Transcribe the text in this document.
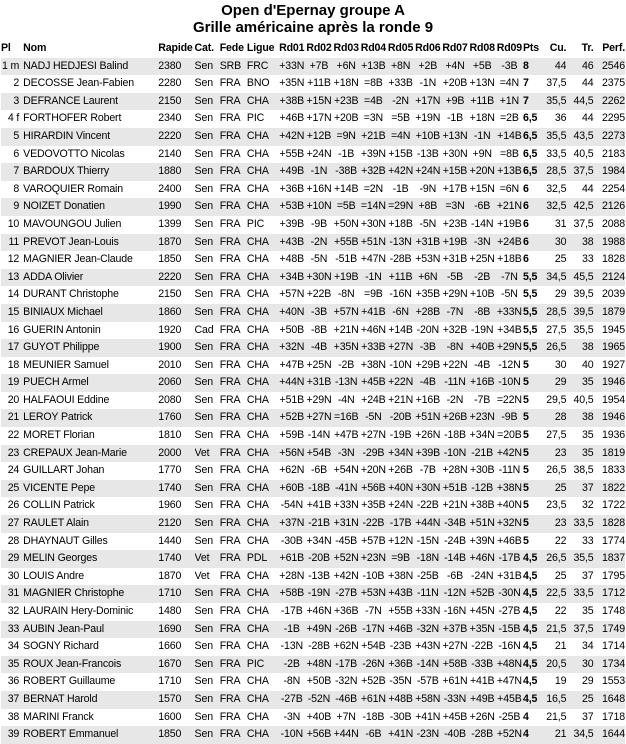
Open d'Epernay groupe A
Grille américaine après la ronde 9
Pl	Nom	Rapide	Cat.	Fede	Ligue	Rd01	Rd02	Rd03	Rd04	Rd05	Rd06	Rd07	Rd08	Rd09	Pts	Cu.	Tr.	Perf.
1 m	NADJ HEDJESI Balind	2380	Sen	SRB	FRC	+33N	+7B	+6N	+13B	+8N	+2B	+4N	+5B	-3B	8	44	46	2546
2	DECOSSE Jean-Fabien	2280	Sen	FRA	BNO	+35N	+11B	+18N	=8B	+33B	-1N	+20B	+13N	=4N	7	37,5	44	2375
3	DEFRANCE Laurent	2150	Sen	FRA	CHA	+38B	+15N	+23B	=4B	-2N	+17N	+9B	+11B	+1N	7	35,5	44,5	2262
4 f	FORTHOFER Robert	2340	Sen	FRA	PIC	+46B	+17N	+20B	=3N	=5B	+19N	-1B	+18N	=2B	6,5	36	44	2295
5	HIRARDIN Vincent	2220	Sen	FRA	CHA	+42N	+12B	=9N	+21B	=4N	+10B	+13N	-1N	+14B	6,5	35,5	43,5	2273
6	VEDOVOTTO Nicolas	2140	Sen	FRA	CHA	+55B	+24N	-1B	+39N	+15B	-13B	+30N	+9N	=8B	6,5	33,5	40,5	2183
7	BARDOUX Thierry	1880	Sen	FRA	CHA	+49B	-1N	-38B	+32B	+42N	+24N	+15B	+20N	+13B	6,5	28,5	37,5	1984
8	VAROQUIER Romain	2400	Sen	FRA	CHA	+36B	+16N	+14B	=2N	-1B	-9N	+17B	+15N	=6N	6	32,5	44	2254
9	NOIZET Donatien	1990	Sen	FRA	CHA	+53B	+10N	=5B	=14N	=29N	+8B	=3N	-6B	+21N	6	32,5	42,5	2126
10	MAVOUNGOU Julien	1399	Sen	FRA	PIC	+39B	-9B	+50N	+30N	+18B	-5N	+23B	-14N	+19B	6	31	37,5	2088
11	PREVOT Jean-Louis	1870	Sen	FRA	CHA	+43B	-2N	+55B	+51N	-13N	+31B	+19B	-3N	+24B	6	30	38	1988
12	MAGNIER Jean-Claude	1850	Sen	FRA	CHA	+48B	-5N	-51B	+47N	-28B	+53N	+31B	+25N	+18B	6	25	33	1828
13	ADDA Olivier	2220	Sen	FRA	CHA	+34B	+30N	+19B	-1N	+11B	+6N	-5B	-2B	-7N	5,5	34,5	45,5	2124
14	DURANT Christophe	2150	Sen	FRA	CHA	+57N	+22B	-8N	=9B	-16N	+35B	+29N	+10B	-5N	5,5	29	39,5	2039
15	BINIAUX Michael	1860	Sen	FRA	CHA	+40N	-3B	+57N	+41B	-6N	+28B	-7N	-8B	+33N	5,5	28,5	39,5	1879
16	GUERIN Antonin	1920	Cad	FRA	CHA	+50B	-8B	+21N	+46N	+14B	-20N	+32B	-19N	+34B	5,5	27,5	35,5	1945
17	GUYOT Philippe	1900	Sen	FRA	CHA	+32N	-4B	+35N	+33B	+27N	-3B	-8N	+40B	+29N	5,5	26,5	38	1965
18	MEUNIER Samuel	2010	Sen	FRA	CHA	+47B	+25N	-2B	+38N	-10N	+29B	+22N	-4B	-12N	5	30	40	1927
19	PUECH Armel	2060	Sen	FRA	CHA	+44N	+31B	-13N	+45B	+22N	-4B	-11N	+16B	-10N	5	29	35	1946
20	HALFAOUI Eddine	2080	Sen	FRA	CHA	+51B	+29N	-4N	+24B	+21N	+16B	-2N	-7B	=22N	5	29,5	40,5	1954
21	LEROY Patrick	1760	Sen	FRA	CHA	+52B	+27N	=16B	-5N	-20B	+51N	+26B	+23N	-9B	5	28	38	1946
22	MORET Florian	1810	Sen	FRA	CHA	+59B	-14N	+47B	+27N	-19B	+26N	-18B	+34N	=20B	5	27,5	35	1936
23	CREPAUX Jean-Marie	2000	Vet	FRA	CHA	+56N	+54B	-3N	-29B	+34N	+39B	-10N	-21B	+42N	5	23	35	1819
24	GUILLART Johan	1770	Sen	FRA	CHA	+62N	-6B	+54N	+20N	+26B	-7B	+28N	+30B	-11N	5	26,5	38,5	1833
25	VICENTE Pepe	1740	Sen	FRA	CHA	+60B	-18B	-41N	+56B	+40N	+30N	+51B	-12B	+38N	5	25	37	1822
26	COLLIN Patrick	1960	Sen	FRA	CHA	-54N	+41B	+33N	+35B	+24N	-22B	+21N	+38B	+40N	5	23,5	32	1722
27	RAULET Alain	2120	Sen	FRA	CHA	+37N	-21B	+31N	-22B	-17B	+44N	-34B	+51N	+32N	5	23	33,5	1828
28	DHAYNAUT Gilles	1440	Sen	FRA	CHA	-30B	+34N	-45B	+57B	+12N	-15N	-24B	+39N	+46B	5	22	33	1774
29	MELIN Georges	1740	Vet	FRA	PDL	+61B	-20B	+52N	+23N	=9B	-18N	-14B	+46N	-17B	4,5	26,5	35,5	1837
30	LOUIS Andre	1870	Vet	FRA	CHA	+28N	-13B	+42N	-10B	+38N	-25B	-6B	-24N	+31B	4,5	25	37	1795
31	MAGNIER Christophe	1710	Sen	FRA	CHA	+58B	-19N	-27B	+53N	+43B	-11N	-12N	+52B	-30N	4,5	22,5	33,5	1712
32	LAURAIN Hery-Dominic	1480	Sen	FRA	CHA	-17B	+46N	+36B	-7N	+55B	+33N	-16N	+45N	-27B	4,5	22	35	1748
33	AUBIN Jean-Paul	1690	Sen	FRA	CHA	-1B	+49N	-26B	-17N	+46B	-32N	+37B	+35N	-15B	4,5	21,5	37,5	1749
34	SOGNY Richard	1660	Sen	FRA	CHA	-13N	-28B	+62N	+54B	-23B	+43N	+27N	-22B	-16N	4,5	21	34	1714
35	ROUX Jean-Francois	1670	Sen	FRA	PIC	-2B	+48N	-17B	-26N	+36B	-14N	+58B	-33B	+48N	4,5	20,5	30	1734
36	ROBERT Guillaume	1710	Sen	FRA	CHA	-8N	+50B	-32N	+52B	-35N	-57B	+61N	+41B	+47N	4,5	19	29	1553
37	BERNAT Harold	1570	Sen	FRA	CHA	-27B	-52N	-46B	+61N	+48B	+58N	-33N	+49B	+45B	4,5	16,5	25	1648
38	MARINI Franck	1600	Sen	FRA	CHA	-3N	+40B	+7N	-18B	-30B	+41N	+45B	+26N	-25B	4	21,5	37	1718
39	ROBERT Emmanuel	1850	Sen	FRA	CHA	-10N	+56B	+44N	-6B	+41N	-23N	-40B	-28B	+52N	4	21	34,5	1644
